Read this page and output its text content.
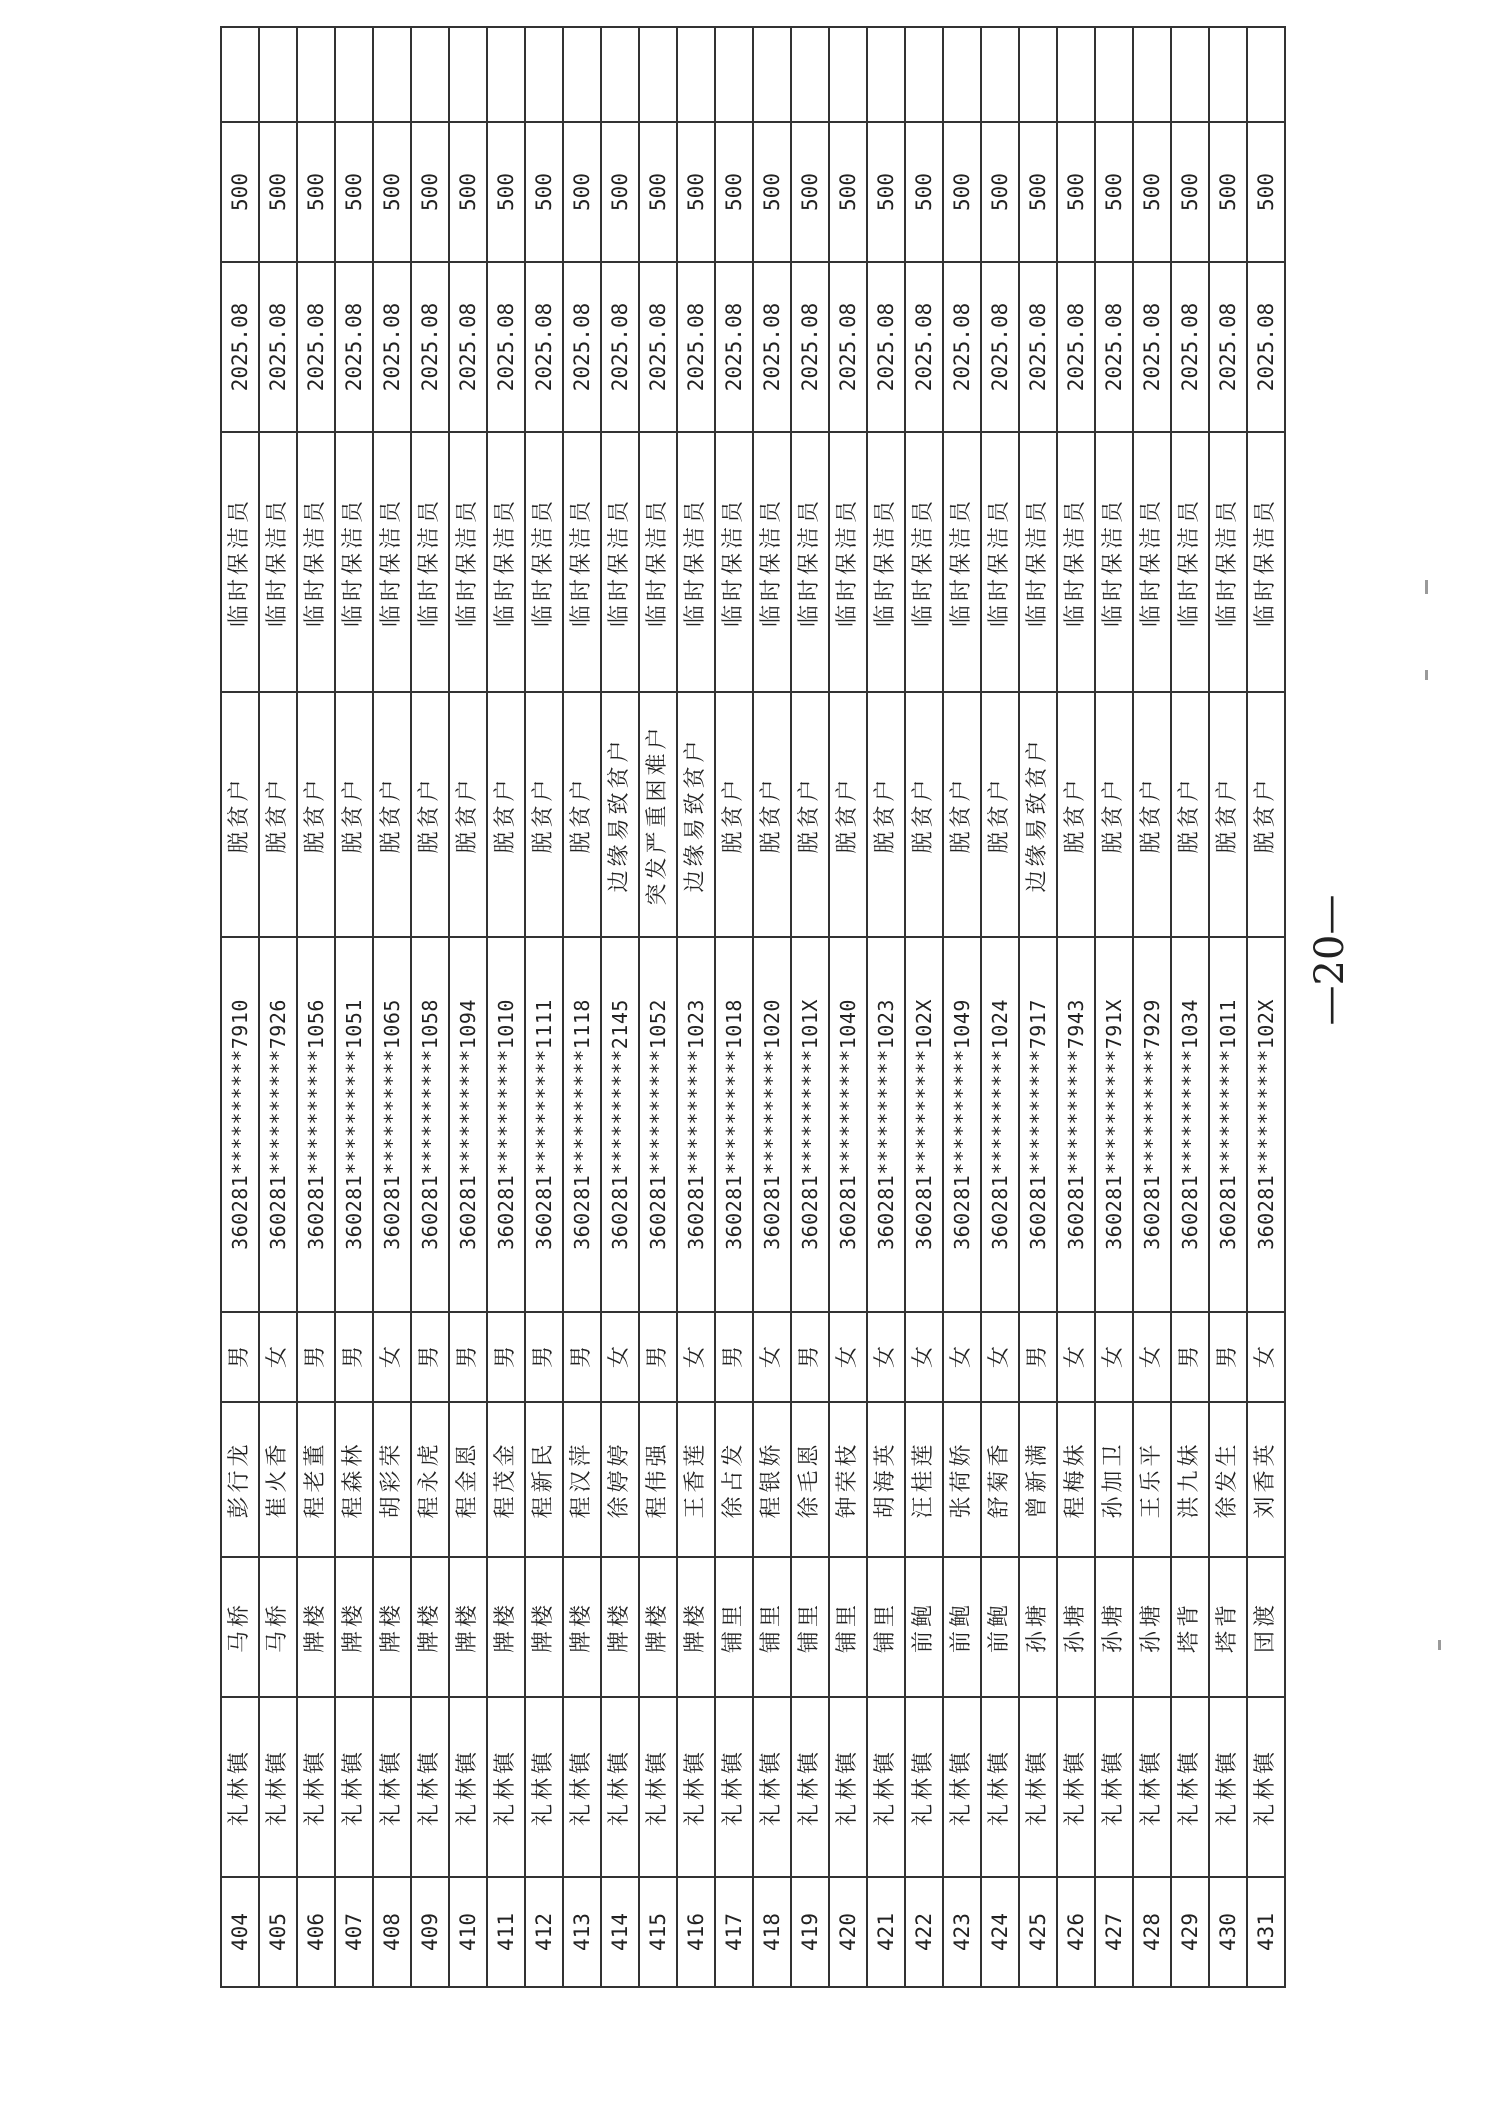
404	礼林镇	马桥	彭行龙	男	360281**********7910	脱贫户	临时保洁员	2025.08	500	
405	礼林镇	马桥	崔火香	女	360281**********7926	脱贫户	临时保洁员	2025.08	500	
406	礼林镇	牌楼	程老董	男	360281**********1056	脱贫户	临时保洁员	2025.08	500	
407	礼林镇	牌楼	程森林	男	360281**********1051	脱贫户	临时保洁员	2025.08	500	
408	礼林镇	牌楼	胡彩荣	女	360281**********1065	脱贫户	临时保洁员	2025.08	500	
409	礼林镇	牌楼	程永虎	男	360281**********1058	脱贫户	临时保洁员	2025.08	500	
410	礼林镇	牌楼	程金恩	男	360281**********1094	脱贫户	临时保洁员	2025.08	500	
411	礼林镇	牌楼	程茂金	男	360281**********1010	脱贫户	临时保洁员	2025.08	500	
412	礼林镇	牌楼	程新民	男	360281**********1111	脱贫户	临时保洁员	2025.08	500	
413	礼林镇	牌楼	程汉萍	男	360281**********1118	脱贫户	临时保洁员	2025.08	500	
414	礼林镇	牌楼	徐婷婷	女	360281**********2145	边缘易致贫户	临时保洁员	2025.08	500	
415	礼林镇	牌楼	程伟强	男	360281**********1052	突发严重困难户	临时保洁员	2025.08	500	
416	礼林镇	牌楼	王香莲	女	360281**********1023	边缘易致贫户	临时保洁员	2025.08	500	
417	礼林镇	铺里	徐占发	男	360281**********1018	脱贫户	临时保洁员	2025.08	500	
418	礼林镇	铺里	程银娇	女	360281**********1020	脱贫户	临时保洁员	2025.08	500	
419	礼林镇	铺里	徐毛恩	男	360281**********101X	脱贫户	临时保洁员	2025.08	500	
420	礼林镇	铺里	钟荣枝	女	360281**********1040	脱贫户	临时保洁员	2025.08	500	
421	礼林镇	铺里	胡海英	女	360281**********1023	脱贫户	临时保洁员	2025.08	500	
422	礼林镇	前鲍	汪桂莲	女	360281**********102X	脱贫户	临时保洁员	2025.08	500	
423	礼林镇	前鲍	张荷娇	女	360281**********1049	脱贫户	临时保洁员	2025.08	500	
424	礼林镇	前鲍	舒菊香	女	360281**********1024	脱贫户	临时保洁员	2025.08	500	
425	礼林镇	孙塘	曾新满	男	360281**********7917	边缘易致贫户	临时保洁员	2025.08	500	
426	礼林镇	孙塘	程梅妹	女	360281**********7943	脱贫户	临时保洁员	2025.08	500	
427	礼林镇	孙塘	孙加卫	女	360281**********791X	脱贫户	临时保洁员	2025.08	500	
428	礼林镇	孙塘	王乐平	女	360281**********7929	脱贫户	临时保洁员	2025.08	500	
429	礼林镇	塔背	洪九妹	男	360281**********1034	脱贫户	临时保洁员	2025.08	500	
430	礼林镇	塔背	徐发生	男	360281**********1011	脱贫户	临时保洁员	2025.08	500	
431	礼林镇	団渡	刘香英	女	360281**********102X	脱贫户	临时保洁员	2025.08	500	
—20—
